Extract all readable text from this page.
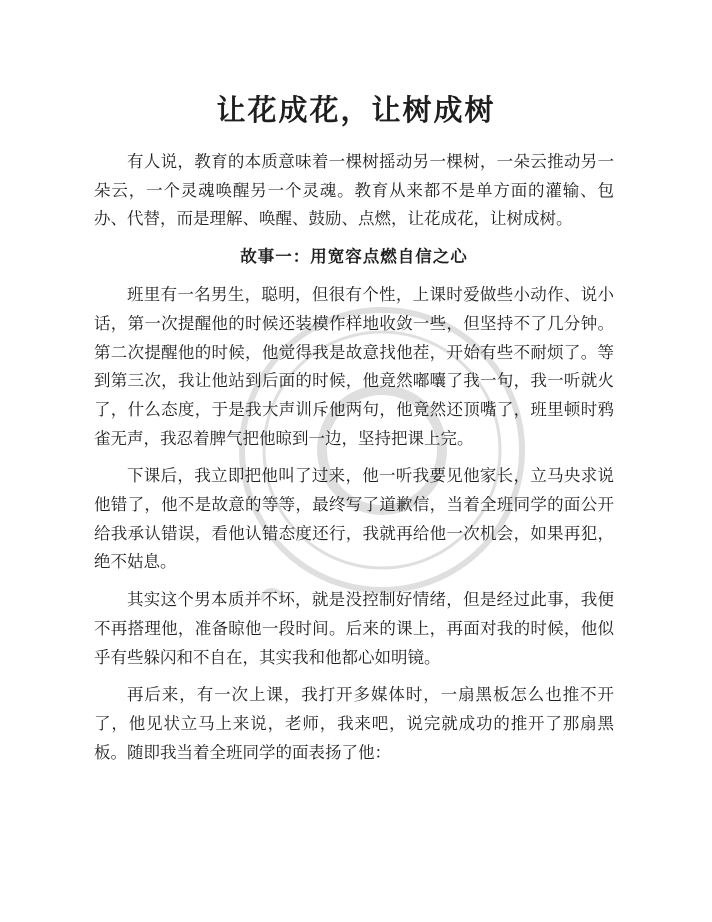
让花成花，让树成树

有人说，教育的本质意味着一棵树摇动另一棵树，一朵云推动另一朵云，一个灵魂唤醒另一个灵魂。教育从来都不是单方面的灌输、包办、代替，而是理解、唤醒、鼓励、点燃，让花成花，让树成树。

故事一：用宽容点燃自信之心

班里有一名男生，聪明，但很有个性，上课时爱做些小动作、说小话，第一次提醒他的时候还装模作样地收敛一些，但坚持不了几分钟。第二次提醒他的时候，他觉得我是故意找他茬，开始有些不耐烦了。等到第三次，我让他站到后面的时候，他竟然嘟囔了我一句，我一听就火了，什么态度，于是我大声训斥他两句，他竟然还顶嘴了，班里顿时鸦雀无声，我忍着脾气把他晾到一边，坚持把课上完。

下课后，我立即把他叫了过来，他一听我要见他家长，立马央求说他错了，他不是故意的等等，最终写了道歉信，当着全班同学的面公开给我承认错误，看他认错态度还行，我就再给他一次机会，如果再犯，绝不姑息。

其实这个男本质并不坏，就是没控制好情绪，但是经过此事，我便不再搭理他，准备晾他一段时间。后来的课上，再面对我的时候，他似乎有些躲闪和不自在，其实我和他都心如明镜。

再后来，有一次上课，我打开多媒体时，一扇黑板怎么也推不开了，他见状立马上来说，老师，我来吧，说完就成功的推开了那扇黑板。随即我当着全班同学的面表扬了他：
